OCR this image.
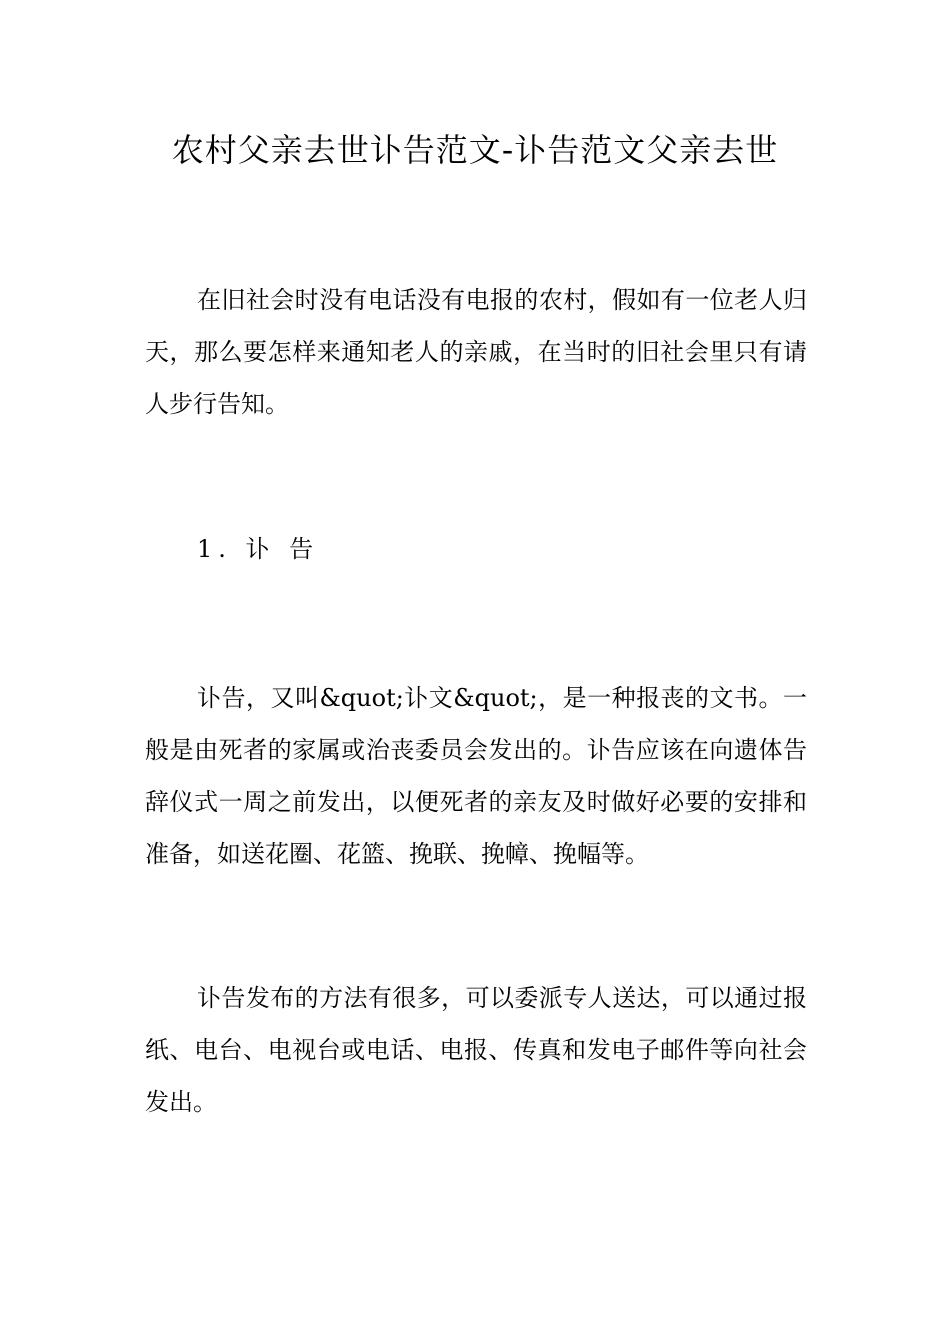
农村父亲去世讣告范文-讣告范文父亲去世

在旧社会时没有电话没有电报的农村，假如有一位老人归天，那么要怎样来通知老人的亲戚，在当时的旧社会里只有请人步行告知。

1. 讣 告

讣告，又叫&quot;讣文&quot;，是一种报丧的文书。一般是由死者的家属或治丧委员会发出的。讣告应该在向遗体告辞仪式一周之前发出，以便死者的亲友及时做好必要的安排和准备，如送花圈、花篮、挽联、挽幛、挽幅等。

讣告发布的方法有很多，可以委派专人送达，可以通过报纸、电台、电视台或电话、电报、传真和发电子邮件等向社会发出。
